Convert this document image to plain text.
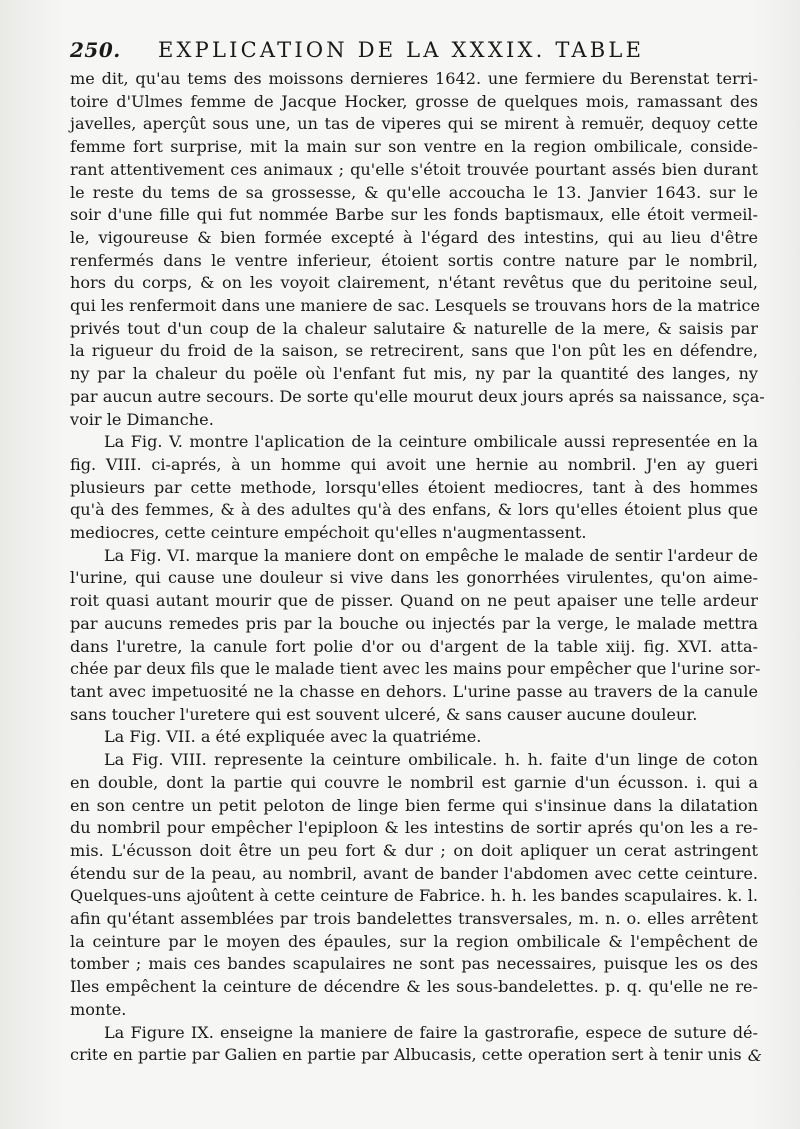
250.	EXPLICATION DE LA XXXIX. TABLE
me dit, qu'au tems des moissons dernieres 1642. une fermiere du Berenstat terri-
toire d'Ulmes femme de Jacque Hocker, grosse de quelques mois, ramassant des
javelles, aperçût sous une, un tas de viperes qui se mirent à remuër, dequoy cette
femme fort surprise, mit la main sur son ventre en la region ombilicale, conside-
rant attentivement ces animaux ; qu'elle s'étoit trouvée pourtant assés bien durant
le reste du tems de sa grossesse, & qu'elle accoucha le 13. Janvier 1643. sur le
soir d'une fille qui fut nommée Barbe sur les fonds baptismaux, elle étoit vermeil-
le, vigoureuse & bien formée excepté à l'égard des intestins, qui au lieu d'être
renfermés dans le ventre inferieur, étoient sortis contre nature par le nombril,
hors du corps, & on les voyoit clairement, n'étant revêtus que du peritoine seul,
qui les renfermoit dans une maniere de sac. Lesquels se trouvans hors de la matrice
privés tout d'un coup de la chaleur salutaire & naturelle de la mere, & saisis par
la rigueur du froid de la saison, se retrecirent, sans que l'on pût les en défendre,
ny par la chaleur du poële où l'enfant fut mis, ny par la quantité des langes, ny
par aucun autre secours. De sorte qu'elle mourut deux jours aprés sa naissance, sça-
voir le Dimanche.
La Fig. V. montre l'aplication de la ceinture ombilicale aussi representée en la
fig. VIII. ci-aprés, à un homme qui avoit une hernie au nombril. J'en ay gueri
plusieurs par cette methode, lorsqu'elles étoient mediocres, tant à des hommes
qu'à des femmes, & à des adultes qu'à des enfans, & lors qu'elles étoient plus que
mediocres, cette ceinture empéchoit qu'elles n'augmentassent.
La Fig. VI. marque la maniere dont on empêche le malade de sentir l'ardeur de
l'urine, qui cause une douleur si vive dans les gonorrhées virulentes, qu'on aime-
roit quasi autant mourir que de pisser. Quand on ne peut apaiser une telle ardeur
par aucuns remedes pris par la bouche ou injectés par la verge, le malade mettra
dans l'uretre, la canule fort polie d'or ou d'argent de la table xiij. fig. XVI. atta-
chée par deux fils que le malade tient avec les mains pour empêcher que l'urine sor-
tant avec impetuosité ne la chasse en dehors. L'urine passe au travers de la canule
sans toucher l'uretere qui est souvent ulceré, & sans causer aucune douleur.
La Fig. VII. a été expliquée avec la quatriéme.
La Fig. VIII. represente la ceinture ombilicale. h. h. faite d'un linge de coton
en double, dont la partie qui couvre le nombril est garnie d'un écusson. i. qui a
en son centre un petit peloton de linge bien ferme qui s'insinue dans la dilatation
du nombril pour empêcher l'epiploon & les intestins de sortir aprés qu'on les a re-
mis. L'écusson doit être un peu fort & dur ; on doit apliquer un cerat astringent
étendu sur de la peau, au nombril, avant de bander l'abdomen avec cette ceinture.
Quelques-uns ajoûtent à cette ceinture de Fabrice. h. h. les bandes scapulaires. k. l.
afin qu'étant assemblées par trois bandelettes transversales, m. n. o. elles arrêtent
la ceinture par le moyen des épaules, sur la region ombilicale & l'empêchent de
tomber ; mais ces bandes scapulaires ne sont pas necessaires, puisque les os des
Iles empêchent la ceinture de décendre & les sous-bandelettes. p. q. qu'elle ne re-
monte.
La Figure IX. enseigne la maniere de faire la gastrorafie, espece de suture dé-
crite en partie par Galien en partie par Albucasis, cette operation sert à tenir unis &
